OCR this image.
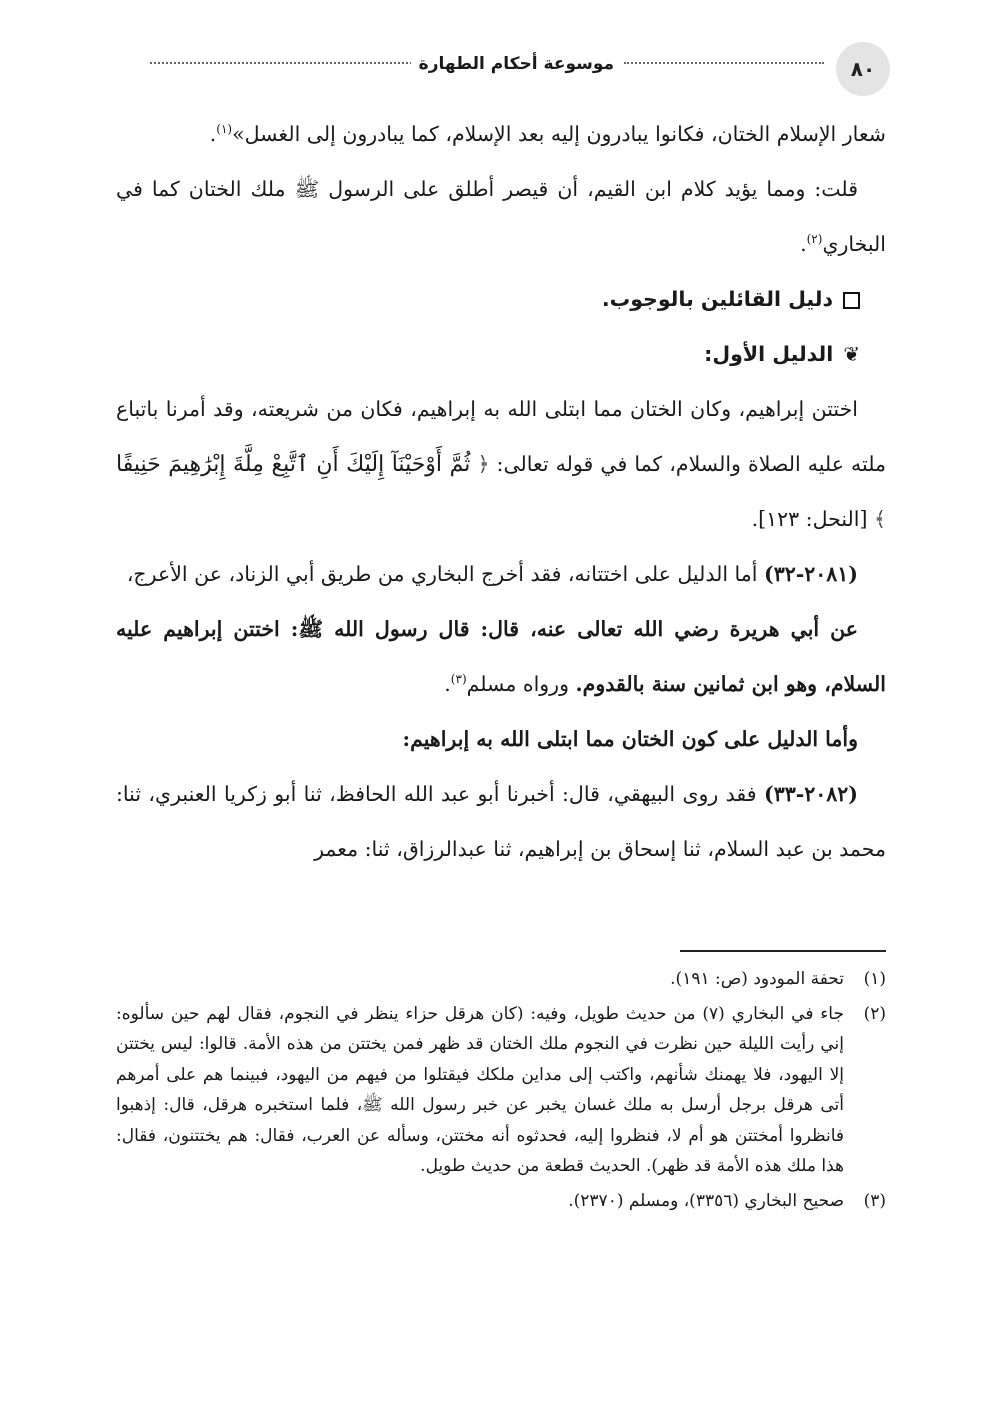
٨٠
موسوعة أحكام الطهارة

شعار الإسلام الختان، فكانوا يبادرون إليه بعد الإسلام، كما يبادرون إلى الغسل»$^{(١)}$.

قلت: ومما يؤيد كلام ابن القيم، أن قيصر أطلق على الرسول ﷺ ملك الختان كما في البخاري$^{(٢)}$.

دليل القائلين بالوجوب.

❦الدليل الأول:

اختتن إبراهيم، وكان الختان مما ابتلى الله به إبراهيم، فكان من شريعته، وقد أمرنا باتباع ملته عليه الصلاة والسلام، كما في قوله تعالى: ﴿ ثُمَّ أَوْحَيْنَآ إِلَيْكَ أَنِ ٱتَّبِعْ مِلَّةَ إِبْرَٰهِيمَ حَنِيفًا ﴾ [النحل: ١٢٣].

(٢٠٨١-٣٢) أما الدليل على اختتانه، فقد أخرج البخاري من طريق أبي الزناد، عن الأعرج،

عن أبي هريرة رضي الله تعالى عنه، قال: قال رسول الله ﷺ: اختتن إبراهيم عليه السلام، وهو ابن ثمانين سنة بالقدوم. ورواه مسلم$^{(٣)}$.

وأما الدليل على كون الختان مما ابتلى الله به إبراهيم:

(٢٠٨٢-٣٣) فقد روى البيهقي، قال: أخبرنا أبو عبد الله الحافظ، ثنا أبو زكريا العنبري، ثنا: محمد بن عبد السلام، ثنا إسحاق بن إبراهيم، ثنا عبدالرزاق، ثنا: معمر

(١)
تحفة المودود (ص: ١٩١).
(٢)
جاء في البخاري (٧) من حديث طويل، وفيه: (كان هرقل حزاء ينظر في النجوم، فقال لهم حين سألوه: إني رأيت الليلة حين نظرت في النجوم ملك الختان قد ظهر فمن يختتن من هذه الأمة. قالوا: ليس يختتن إلا اليهود، فلا يهمنك شأنهم، واكتب إلى مداين ملكك فيقتلوا من فيهم من اليهود، فبينما هم على أمرهم أتى هرقل برجل أرسل به ملك غسان يخبر عن خبر رسول الله ﷺ، فلما استخبره هرقل، قال: إذهبوا فانظروا أمختتن هو أم لا، فنظروا إليه، فحدثوه أنه مختتن، وسأله عن العرب، فقال: هم يختتنون، فقال: هذا ملك هذه الأمة قد ظهر). الحديث قطعة من حديث طويل.
(٣)
صحيح البخاري (٣٣٥٦)، ومسلم (٢٣٧٠).
